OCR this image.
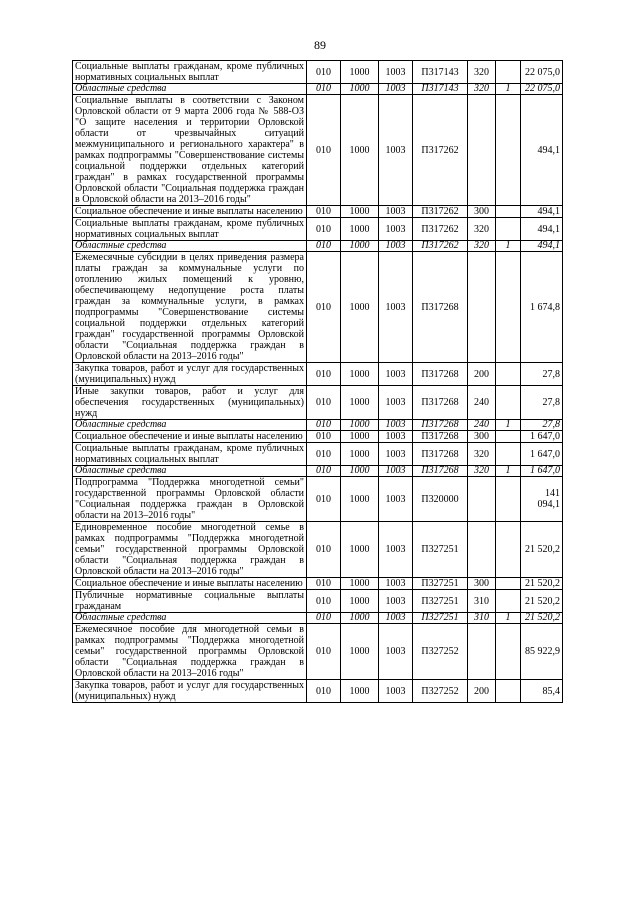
89
Социальные выплаты гражданам, кроме публичных нормативных социальных выплат	010	1000	1003	П317143	320		22 075,0
Областные средства	010	1000	1003	П317143	320	1	22 075,0
Социальные выплаты в соответствии с Законом Орловской области от 9 марта 2006 года № 588-ОЗ "О защите населения и территории Орловской области от чрезвычайных ситуаций межмуниципального и регионального характера" в рамках подпрограммы "Совершенствование системы социальной поддержки отдельных категорий граждан" в рамках государственной программы Орловской области "Социальная поддержка граждан в Орловской области на 2013–2016 годы"	010	1000	1003	П317262			494,1
Социальное обеспечение и иные выплаты населению	010	1000	1003	П317262	300		494,1
Социальные выплаты гражданам, кроме публичных нормативных социальных выплат	010	1000	1003	П317262	320		494,1
Областные средства	010	1000	1003	П317262	320	1	494,1
Ежемесячные субсидии в целях приведения размера платы граждан за коммунальные услуги по отоплению жилых помещений к уровню, обеспечивающему недопущение роста платы граждан за коммунальные услуги, в рамках подпрограммы "Совершенствование системы социальной поддержки отдельных категорий граждан" государственной программы Орловской области "Социальная поддержка граждан в Орловской области на 2013–2016 годы"	010	1000	1003	П317268			1 674,8
Закупка товаров, работ и услуг для государственных (муниципальных) нужд	010	1000	1003	П317268	200		27,8
Иные закупки товаров, работ и услуг для обеспечения государственных (муниципальных) нужд	010	1000	1003	П317268	240		27,8
Областные средства	010	1000	1003	П317268	240	1	27,8
Социальное обеспечение и иные выплаты населению	010	1000	1003	П317268	300		1 647,0
Социальные выплаты гражданам, кроме публичных нормативных социальных выплат	010	1000	1003	П317268	320		1 647,0
Областные средства	010	1000	1003	П317268	320	1	1 647,0
Подпрограмма "Поддержка многодетной семьи" государственной программы Орловской области "Социальная поддержка граждан в Орловской области на 2013–2016 годы"	010	1000	1003	П320000			141 094,1
Единовременное пособие многодетной семье в рамках подпрограммы "Поддержка многодетной семьи" государственной программы Орловской области "Социальная поддержка граждан в Орловской области на 2013–2016 годы"	010	1000	1003	П327251			21 520,2
Социальное обеспечение и иные выплаты населению	010	1000	1003	П327251	300		21 520,2
Публичные нормативные социальные выплаты гражданам	010	1000	1003	П327251	310		21 520,2
Областные средства	010	1000	1003	П327251	310	1	21 520,2
Ежемесячное пособие для многодетной семьи в рамках подпрограммы "Поддержка многодетной семьи" государственной программы Орловской области "Социальная поддержка граждан в Орловской области на 2013–2016 годы"	010	1000	1003	П327252			85 922,9
Закупка товаров, работ и услуг для государственных (муниципальных) нужд	010	1000	1003	П327252	200		85,4
